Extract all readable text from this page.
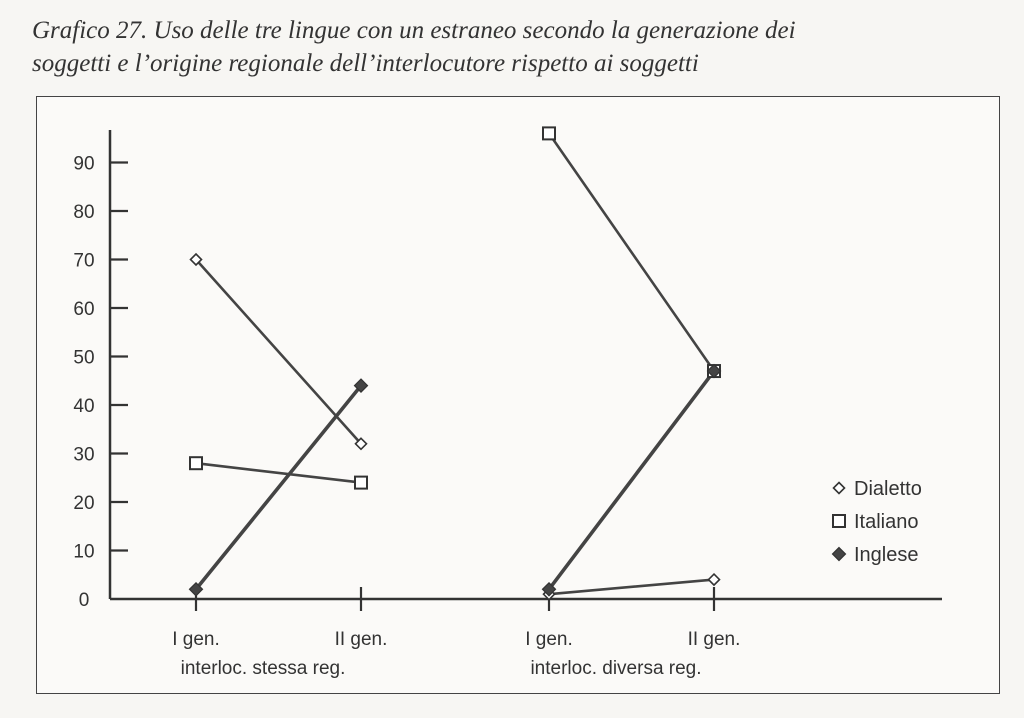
Grafico 27. Uso delle tre lingue con un estraneo secondo la generazione dei
soggetti e l’origine regionale dell’interlocutore rispetto ai soggetti
0
10
20
30
40
50
60
70
80
90
I gen.	II gen.
interloc. stessa reg.
I gen.	II gen.
interloc. diversa reg.
Dialetto
Italiano
Inglese
